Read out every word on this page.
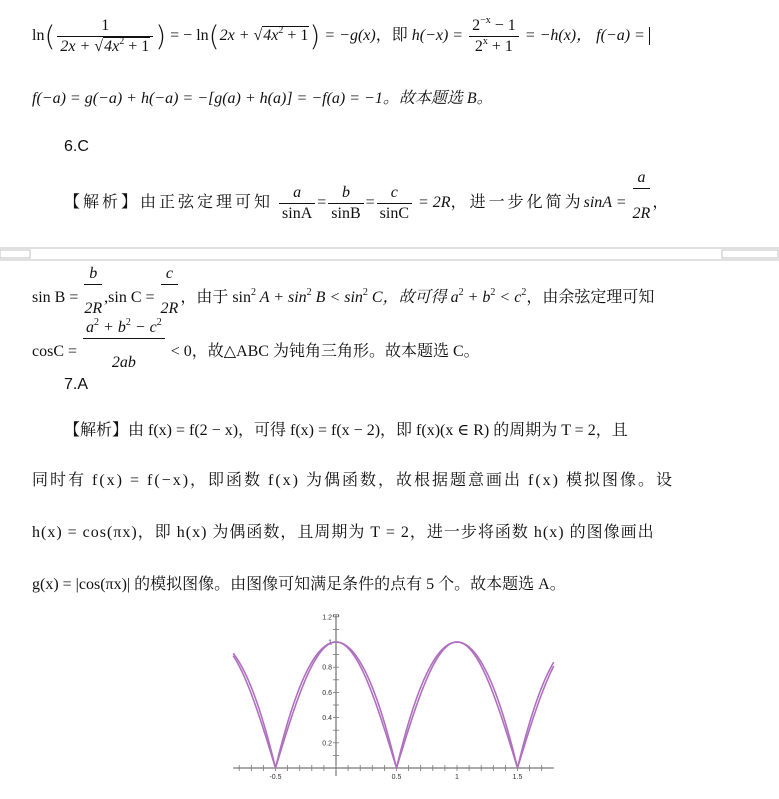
$\ln( \frac{1}{2x + √4x^2 + 1}$ ) = − $\ln(2x + √4x^2 + 1) = -g(x)$，即 $h(-x) = \frac{2^{-x} - 1}{2^x + 1} = -h(x)$， f(−a) =
f(−a) = g(−a) + h(−a) = −[g(a) + h(a)] = −f(a) = −1。故本题选 B。
6.C
【解析】由正弦定理可知 $\frac{a}{\sin A} = \frac{b}{\sin B} = \frac{c}{\sin C} = 2R$，进一步化简为$\sin A = \frac{a}{2R}$ ，
$\sin B = \frac{b}{2R} ,\sin$ $C = \frac{c}{2R}$ ，由于 $\sin^2 A + \sin^2 B < \sin^2 C$，故可得 $a^2 + b^2 < c^2$，由余弦定理可知
$\cos C = \frac{a^2 + b^2 - c^2}{2ab} < 0$，故△ABC 为钝角三角形。故本题选 C。
7.A
【解析】由 f(x) = f(2 − x)，可得 f(x) = f(x − 2)，即 f(x)(x ∈ R) 的周期为 T = 2，且
同时有 f(x) = f(−x)，即函数 f(x) 为偶函数，故根据题意画出 f(x) 模拟图像。设
h(x) = cos(πx)，即 h(x) 为偶函数，且周期为 T = 2，进一步将函数 h(x) 的图像画出
g(x) = |cos(πx)| 的模拟图像。由图像可知满足条件的点有 5 个。故本题选 A。
-0.5	0.5	1	1.5
0.2
0.4
0.6
0.8
1
1.2
